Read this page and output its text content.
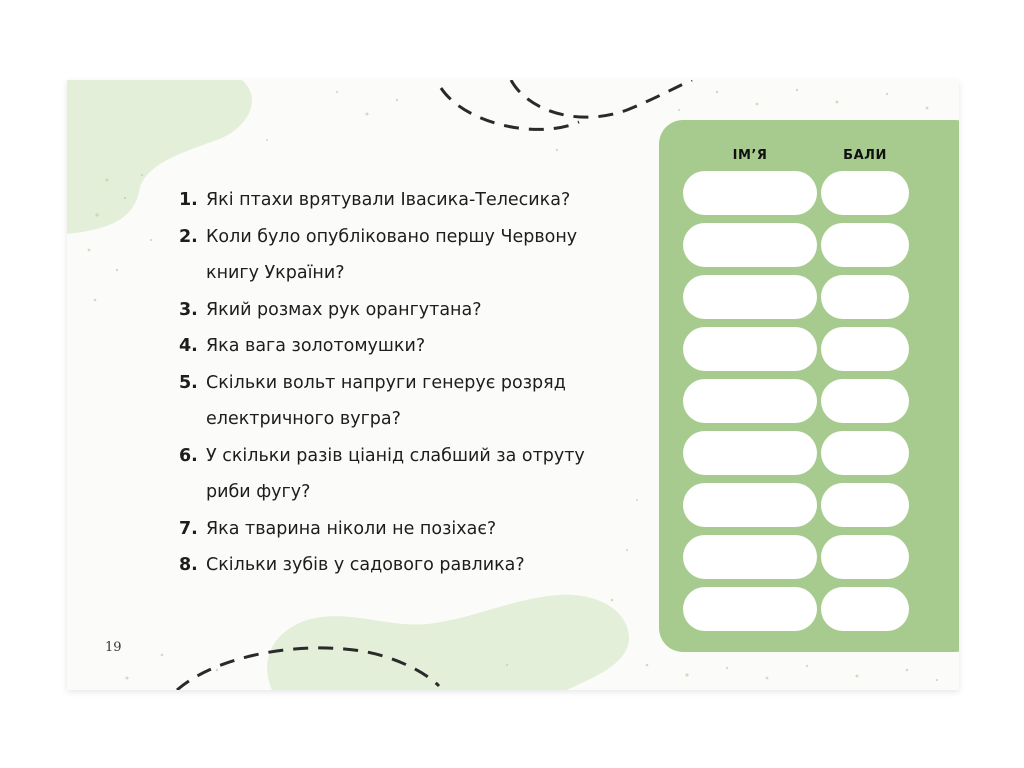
1. Які птахи врятували Івасика-Телесика?
2. Коли було опубліковано першу Червону
книгу України?
3. Який розмах рук орангутана?
4. Яка вага золотомушки?
5. Скільки вольт напруги генерує розряд
електричного вугра?
6. У скільки разів ціанід слабший за отруту
риби фугу?
7. Яка тварина ніколи не позіхає?
8. Скільки зубів у садового равлика?
19
ІМ’Я	БАЛИ
